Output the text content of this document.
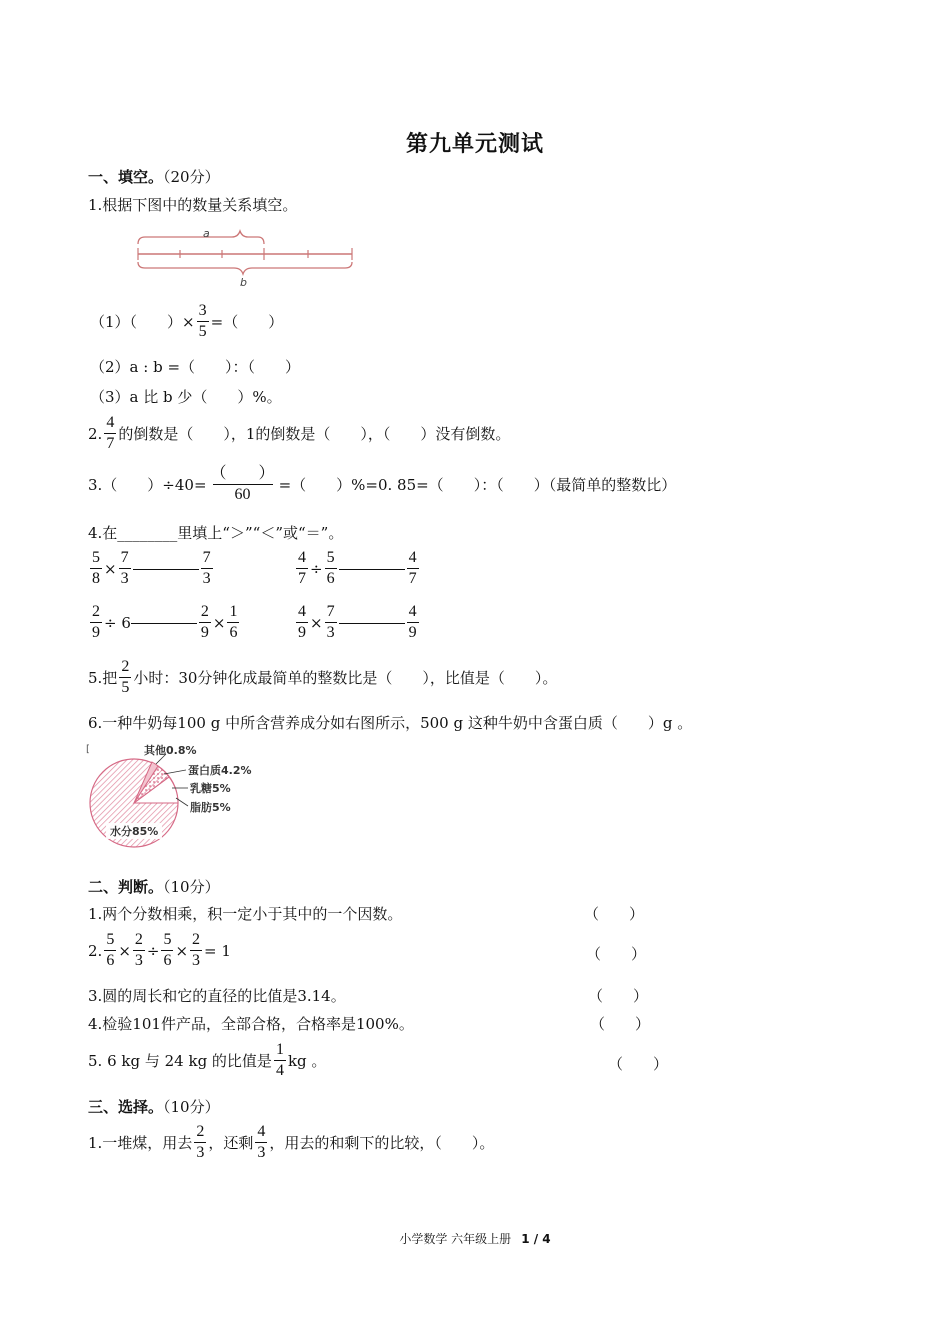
第九单元测试
一、填空。（20分）
1.根据下图中的数量关系填空。
a
b
（1）（　　）× $\frac{3}{5}$ =（　　）
（2）a : b =（　　）：（　　）
（3）a 比 b 少（　　）%。
2. $\frac{4}{7}$ 的倒数是（　　），1的倒数是（　　），（　　）没有倒数。
3.（　　）$\div 40= \frac{( )}{60}$ =（　　）%=0. 85=（　　）：（　　）（最简单的整数比）
4.在________里填上“＞”“＜”或“＝”。
$\frac{5}{8} \times \frac{7}{3}$	$\frac{7}{3}$	$\frac{4}{7} \div \frac{5}{6}$	$\frac{4}{7}$
$\frac{2}{9} \div 6$	$\frac{2}{9} \times \frac{1}{6}$	$\frac{4}{9} \times \frac{7}{3}$	$\frac{4}{9}$
5.把 $\frac{2}{5}$ 小时：30分钟化成最简单的整数比是（　　），比值是（　　）。
6.一种牛奶每100 g 中所含营养成分如右图所示，500 g 这种牛奶中含蛋白质（　　）g 。
[	其他0.8%
蛋白质4.2%
乳糖5%
脂肪5%
水分85%
二、判断。（10分）
1.两个分数相乘，积一定小于其中的一个因数。	（　　）
2. $\frac{5}{6} \times \frac{2}{3} \div \frac{5}{6} \times \frac{2}{3} = 1$	（　　）
3.圆的周长和它的直径的比值是3.14。	（　　）
4.检验101件产品，全部合格，合格率是100%。	（　　）
5. 6 kg 与 24 kg 的比值是 $\frac{1}{4}$ kg 。	（　　）
三、选择。（10分）
1.一堆煤，用去 $\frac{2}{3}$ ，还剩 $\frac{4}{3}$ ，用去的和剩下的比较，（　　）。
小学数学 六年级上册 1 / 4
